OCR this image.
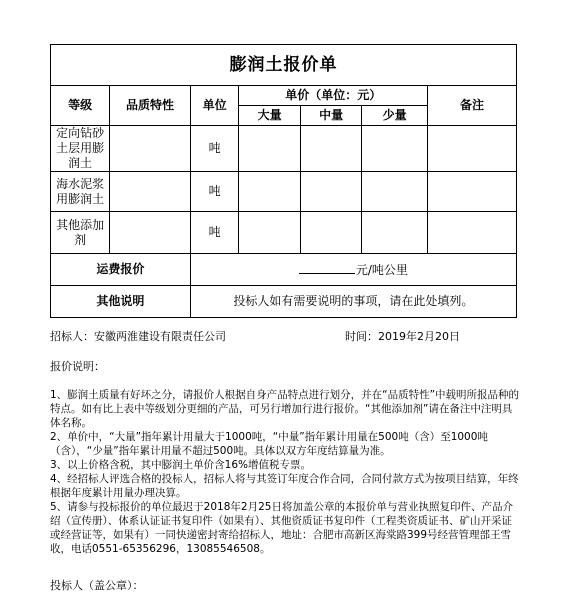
膨润土报价单						
等级	品质特性	单位	单价（单位：元）			备注
			大量	中量	少量	
定向钻砂土层用膨润土		吨				
海水泥浆用膨润土		吨				
其他添加剂		吨				
运费报价		元/吨公里				
其他说明		投标人如有需要说明的事项，请在此处填列。				
招标人：安徽两淮建设有限责任公司	时间：2019年2月20日
报价说明：

1、膨润土质量有好坏之分，请报价人根据自身产品特点进行划分，并在“品质特性”中载明所报品种的特点。如有比上表中等级划分更细的产品，可另行增加行进行报价。“其他添加剂”请在备注中注明具体名称。

2、单价中，“大量”指年累计用量大于1000吨，“中量”指年累计用量在500吨（含）至1000吨（含），“少量”指年累计用量不超过500吨。具体以双方年度结算量为准。

3、以上价格含税，其中膨润土单价含16%增值税专票。

4、经招标人评选合格的投标人，招标人将与其签订年度合作合同，合同付款方式为按项目结算，年终根据年度累计用量办理决算。

5、请参与投标报价的单位最迟于2018年2月25日将加盖公章的本报价单与营业执照复印件、产品介绍（宣传册）、体系认证证书复印件（如果有）、其他资质证书复印件（工程类资质证书、矿山开采证或经营证等，如果有）一同快递密封寄给招标人，地址：合肥市高新区海棠路399号经营管理部王雪收，电话0551-65356296，13085546508。

投标人（盖公章）：
